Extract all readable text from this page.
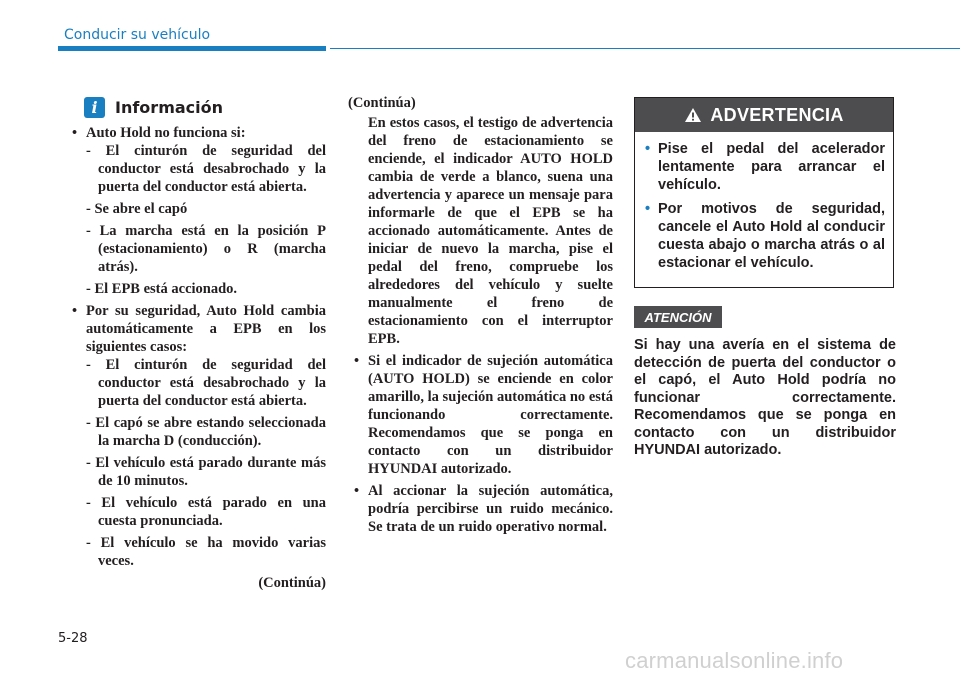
Conducir su vehículo
i	Información

• Auto Hold no funciona si:

- El cinturón de seguridad del conductor está desabrochado y la puerta del conductor está abierta.

- Se abre el capó

- La marcha está en la posición P (estacionamiento) o R (marcha atrás).

- El EPB está accionado.

• Por su seguridad, Auto Hold cambia automáticamente a EPB en los siguientes casos:

- El cinturón de seguridad del conductor está desabrochado y la puerta del conductor está abierta.

- El capó se abre estando seleccionada la marcha D (conducción).

- El vehículo está parado durante más de 10 minutos.

- El vehículo está parado en una cuesta pronunciada.

- El vehículo se ha movido varias veces.

(Continúa)

(Continúa)

En estos casos, el testigo de advertencia del freno de estacionamiento se enciende, el indicador AUTO HOLD cambia de verde a blanco, suena una advertencia y aparece un mensaje para informarle de que el EPB se ha accionado automáticamente. Antes de iniciar de nuevo la marcha, pise el pedal del freno, compruebe los alrededores del vehículo y suelte manualmente el freno de estacionamiento con el interruptor EPB.

• Si el indicador de sujeción automática (AUTO HOLD) se enciende en color amarillo, la sujeción automática no está funcionando correctamente. Recomendamos que se ponga en contacto con un distribuidor HYUNDAI autorizado.

• Al accionar la sujeción automática, podría percibirse un ruido mecánico. Se trata de un ruido operativo normal.

ADVERTENCIA

• Pise el pedal del acelerador lentamente para arrancar el vehículo.

• Por motivos de seguridad, cancele el Auto Hold al conducir cuesta abajo o marcha atrás o al estacionar el vehículo.

ATENCIÓN

Si hay una avería en el sistema de detección de puerta del conductor o el capó, el Auto Hold podría no funcionar correctamente. Recomendamos que se ponga en contacto con un distribuidor HYUNDAI autorizado.

5-28
carmanualsonline.info
